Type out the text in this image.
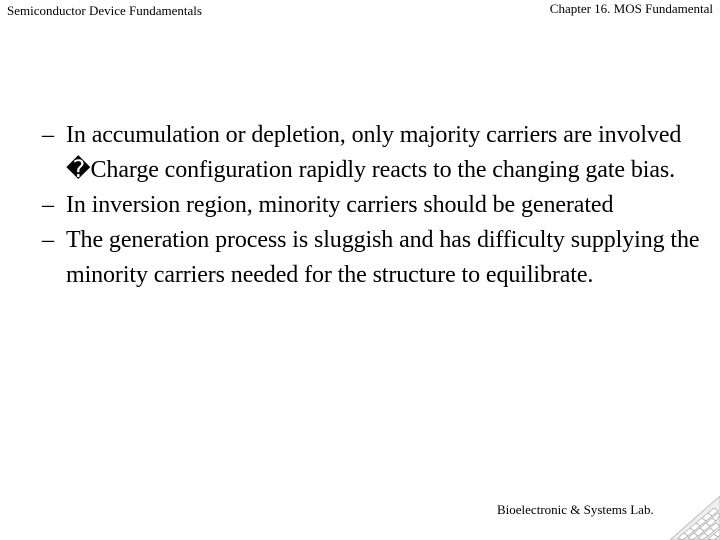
Semiconductor Device Fundamentals	Chapter 16. MOS Fundamental

– In accumulation or depletion, only majority carriers are involved �Charge configuration rapidly reacts to the changing gate bias.

– In inversion region, minority carriers should be generated

– The generation process is sluggish and has difficulty supplying the minority carriers needed for the structure to equilibrate.

Bioelectronic & Systems Lab.
